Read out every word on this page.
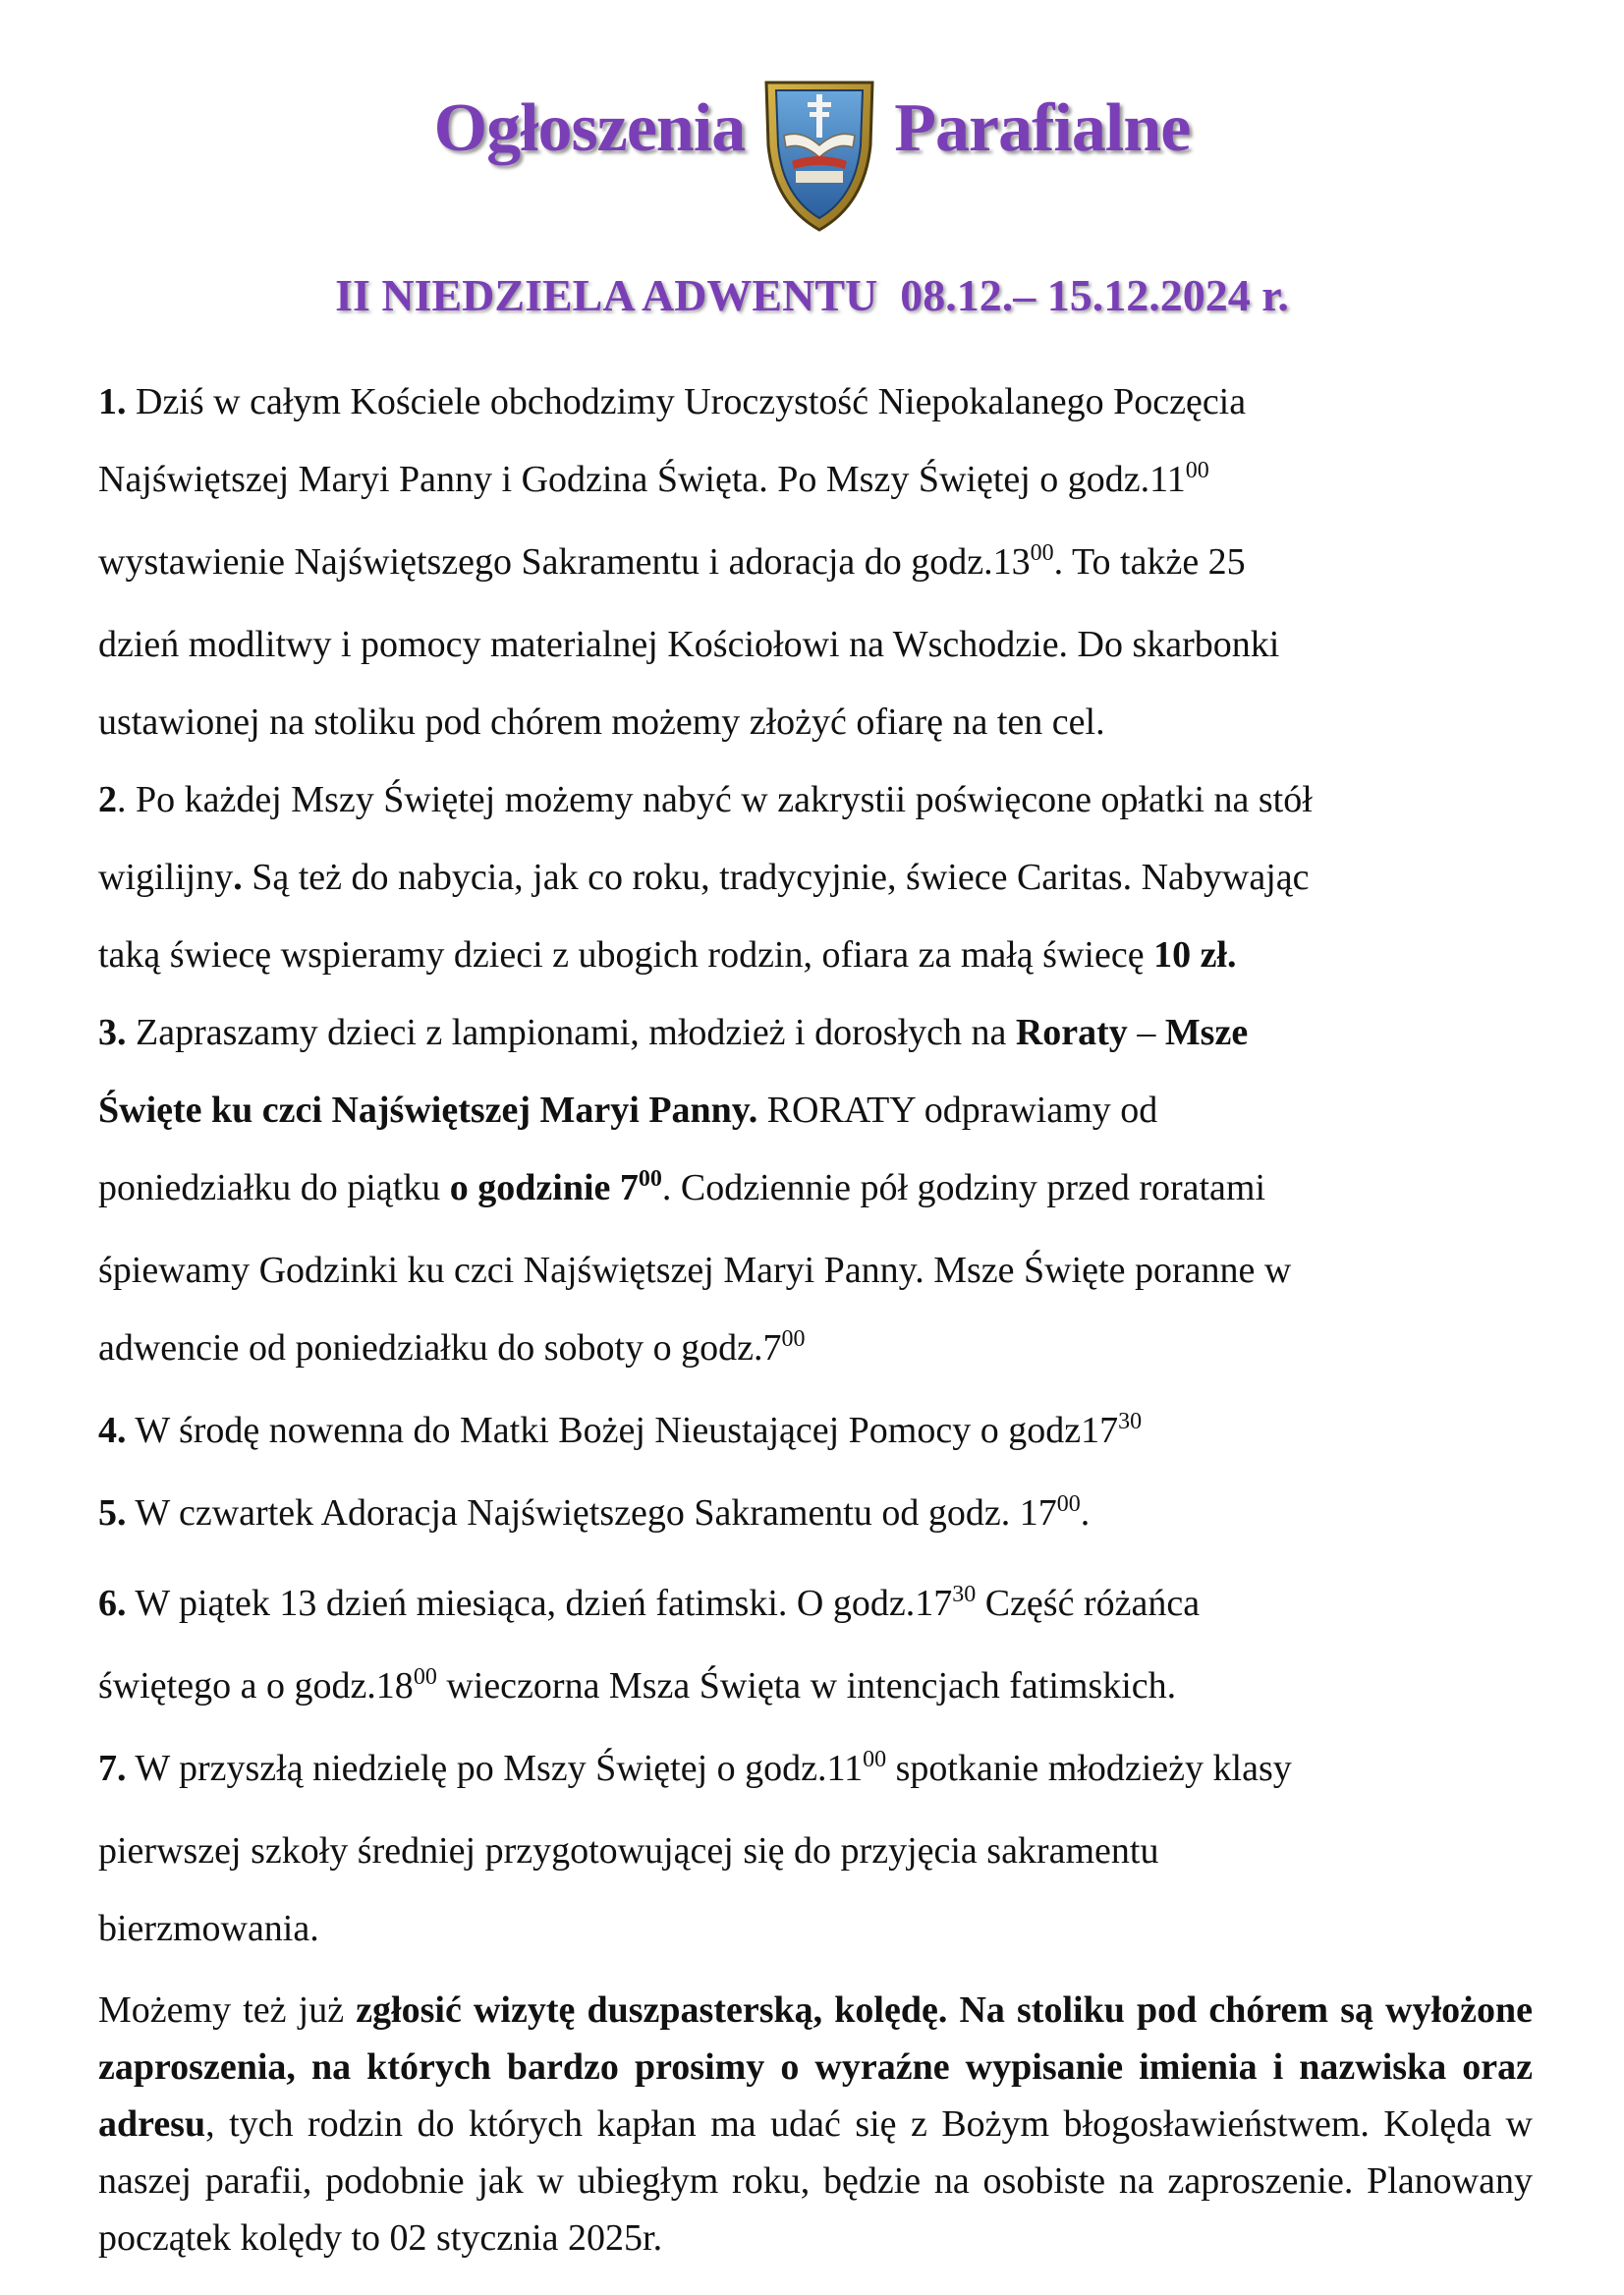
Ogłoszenia Parafialne
II NIEDZIELA ADWENTU  08.12.– 15.12.2024 r.

1. Dziś w całym Kościele obchodzimy Uroczystość Niepokalanego Poczęcia
Najświętszej Maryi Panny i Godzina Święta. Po Mszy Świętej o $godz.11^{00}$
wystawienie Najświętszego Sakramentu i adoracja do $godz.13^{00}$. To także 25
dzień modlitwy i pomocy materialnej Kościołowi na Wschodzie. Do skarbonki
ustawionej na stoliku pod chórem możemy złożyć ofiarę na ten cel.

2. Po każdej Mszy Świętej możemy nabyć w zakrystii poświęcone opłatki na stół
wigilijny. Są też do nabycia, jak co roku, tradycyjnie, świece Caritas. Nabywając
taką świecę wspieramy dzieci z ubogich rodzin, ofiara za małą świecę 10 zł.

3. Zapraszamy dzieci z lampionami, młodzież i dorosłych na Roraty – Msze
Święte ku czci Najświętszej Maryi Panny. RORATY odprawiamy od
poniedziałku do piątku o godzinie $7^{00}$. Codziennie pół godziny przed roratami
śpiewamy Godzinki ku czci Najświętszej Maryi Panny. Msze Święte poranne w
adwencie od poniedziałku do soboty o $godz.7^{00}$

4. W środę nowenna do Matki Bożej Nieustającej Pomocy o $godz17^{30}$

5. W czwartek Adoracja Najświętszego Sakramentu od godz. $17^{00}$.

6. W piątek 13 dzień miesiąca, dzień fatimski. O $godz.17^{30}$ Część różańca
świętego a o $godz.18^{00}$ wieczorna Msza Święta w intencjach fatimskich.

7. W przyszłą niedzielę po Mszy Świętej o $godz.11^{00}$ spotkanie młodzieży klasy
pierwszej szkoły średniej przygotowującej się do przyjęcia sakramentu
bierzmowania.

Możemy też już zgłosić wizytę duszpasterską, kolędę. Na stoliku pod chórem są wyłożone zaproszenia, na których bardzo prosimy o wyraźne wypisanie imienia i nazwiska oraz adresu, tych rodzin do których kapłan ma udać się z Bożym błogosławieństwem. Kolęda w naszej parafii, podobnie jak w ubiegłym roku, będzie na osobiste na zaproszenie. Planowany początek kolędy to 02 stycznia 2025r.
